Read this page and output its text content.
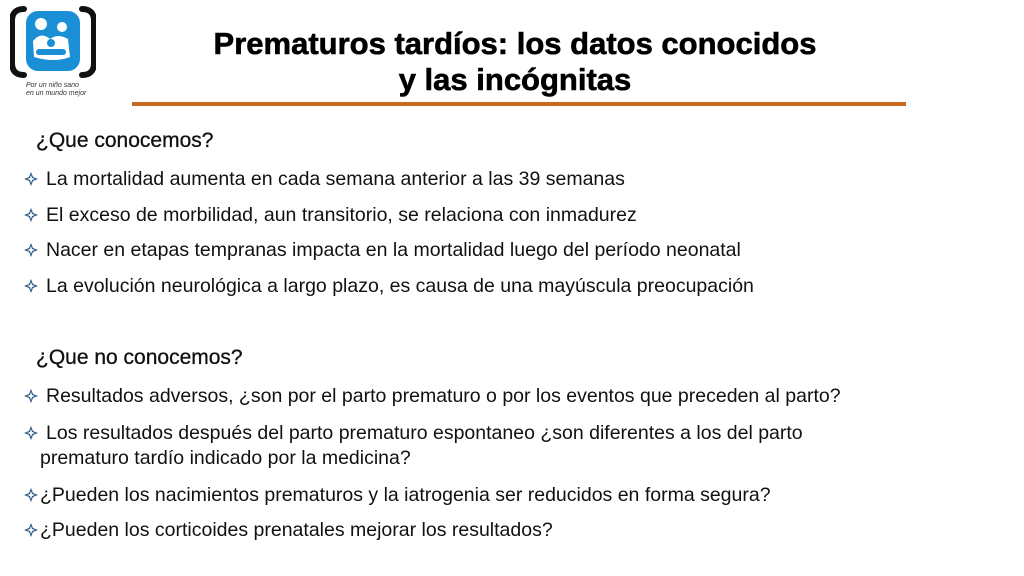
Por un niño sano
en un mundo mejor
Prematuros tardíos: los datos conocidos
y las incógnitas
¿Que conocemos?
La mortalidad aumenta en cada semana anterior a las 39 semanas
El exceso de morbilidad, aun transitorio, se relaciona con inmadurez
Nacer en etapas tempranas impacta en la mortalidad luego del período neonatal
La evolución neurológica a largo plazo, es causa de una mayúscula preocupación
¿Que no conocemos?
Resultados adversos, ¿son por el parto prematuro o por los eventos que preceden al parto?
Los resultados después del parto prematuro espontaneo ¿son diferentes a los del parto
prematuro tardío indicado por la medicina?
¿Pueden los nacimientos prematuros y la iatrogenia ser reducidos en forma segura?
¿Pueden los corticoides prenatales mejorar los resultados?
